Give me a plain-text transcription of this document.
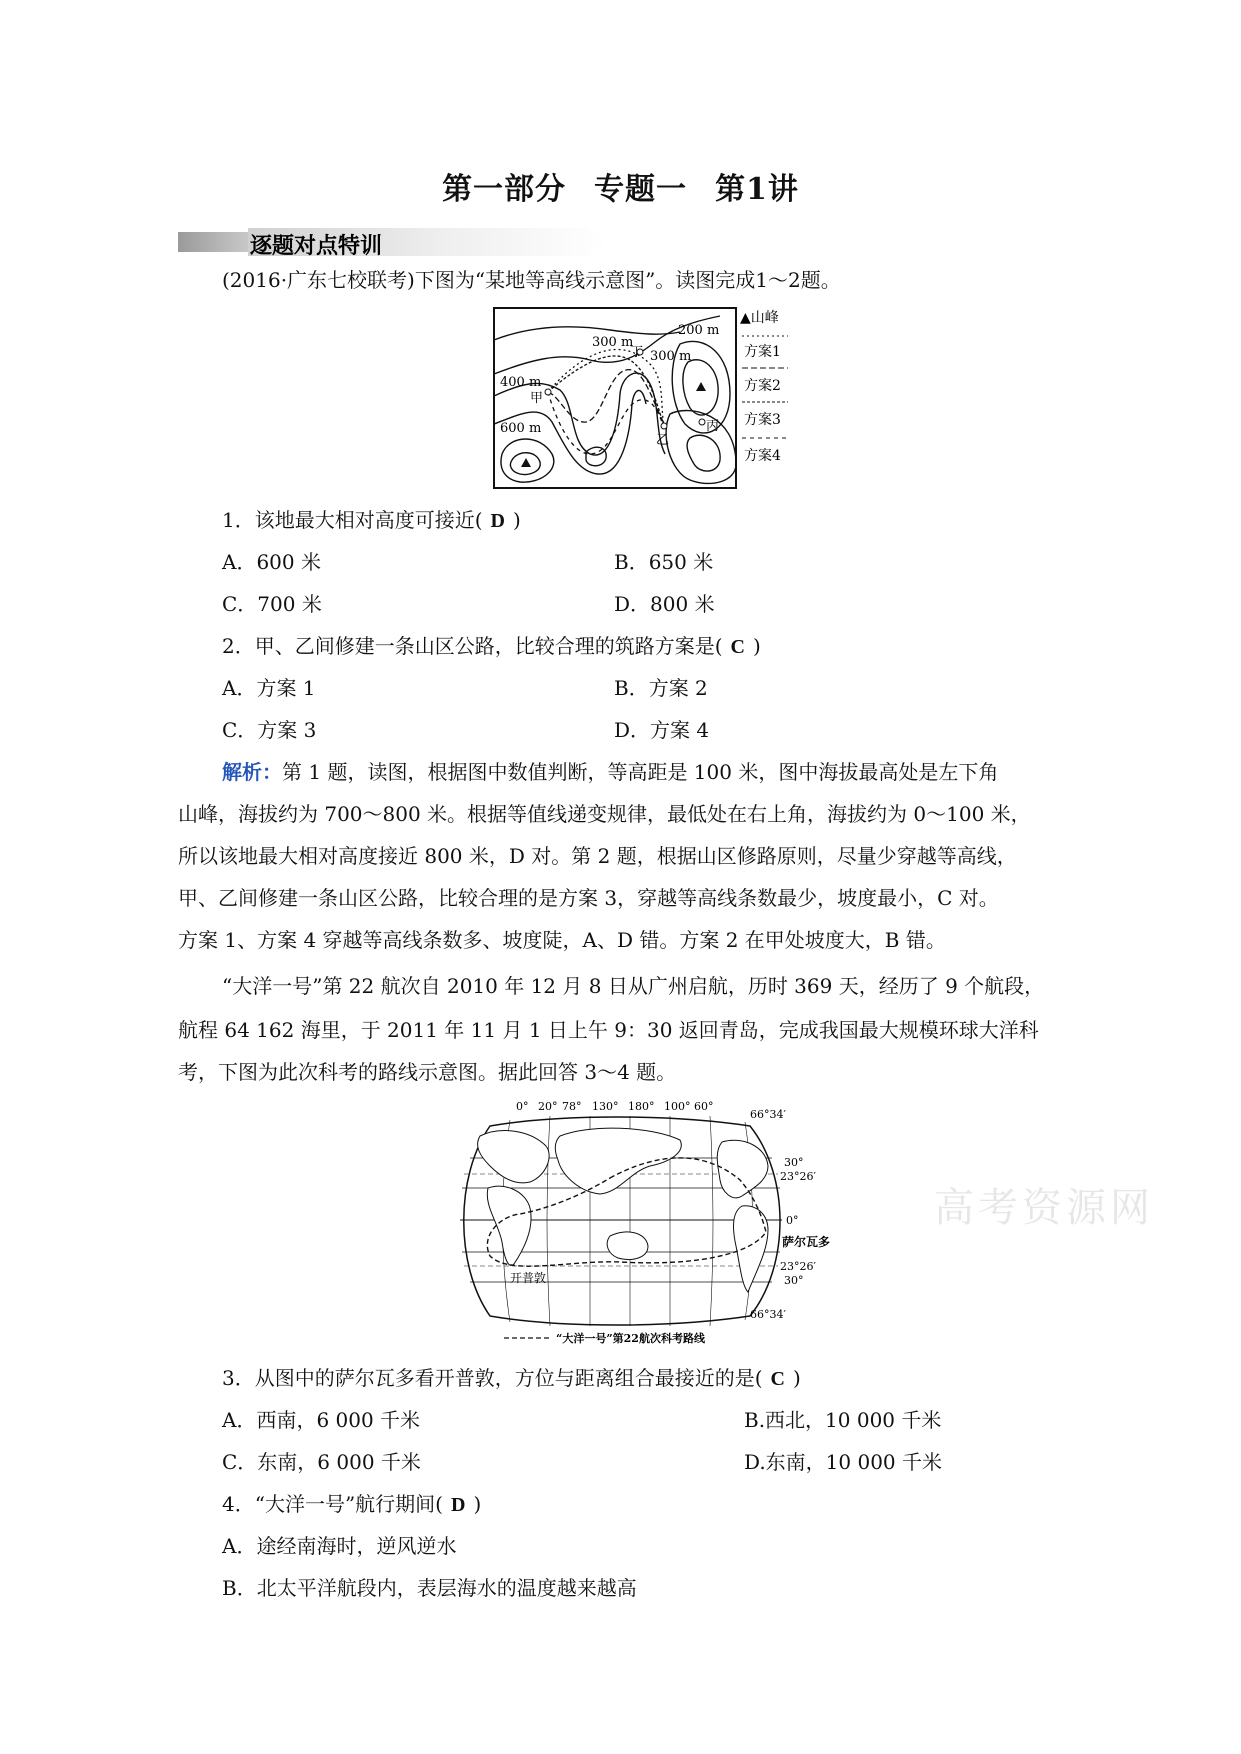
第一部分 专题一 第1讲
逐题对点特训
(2016·广东七校联考)下图为“某地等高线示意图”。读图完成1～2题。
300 m
200 m
300 m
400 m
600 m
丁
甲
乙
丙
▲山峰
方案1
方案2
方案3
方案4
1．该地最大相对高度可接近( D )
A．600 米	B．650 米
C．700 米	D．800 米
2．甲、乙间修建一条山区公路，比较合理的筑路方案是( C )
A．方案 1	B．方案 2
C．方案 3	D．方案 4
解析：第 1 题，读图，根据图中数值判断，等高距是 100 米，图中海拔最高处是左下角
山峰，海拔约为 700～800 米。根据等值线递变规律，最低处在右上角，海拔约为 0～100 米，
所以该地最大相对高度接近 800 米，D 对。第 2 题，根据山区修路原则，尽量少穿越等高线，
甲、乙间修建一条山区公路，比较合理的是方案 3，穿越等高线条数最少，坡度最小，C 对。
方案 1、方案 4 穿越等高线条数多、坡度陡，A、D 错。方案 2 在甲处坡度大，B 错。
“大洋一号”第 22 航次自 2010 年 12 月 8 日从广州启航，历时 369 天，经历了 9 个航段，
航程 64 162 海里，于 2011 年 11 月 1 日上午 9：30 返回青岛，完成我国最大规模环球大洋科
考，下图为此次科考的路线示意图。据此回答 3～4 题。
0° 20° 78° 130° 180° 100° 60°
66°34′
30°
23°26′
0°
萨尔瓦多
23°26′
30°
66°34′
开普敦
“大洋一号”第22航次科考路线
高考资源网
3．从图中的萨尔瓦多看开普敦，方位与距离组合最接近的是( C )
A．西南，6 000 千米	B.西北，10 000 千米
C．东南，6 000 千米	D.东南，10 000 千米
4．“大洋一号”航行期间( D )
A．途经南海时，逆风逆水
B．北太平洋航段内，表层海水的温度越来越高
